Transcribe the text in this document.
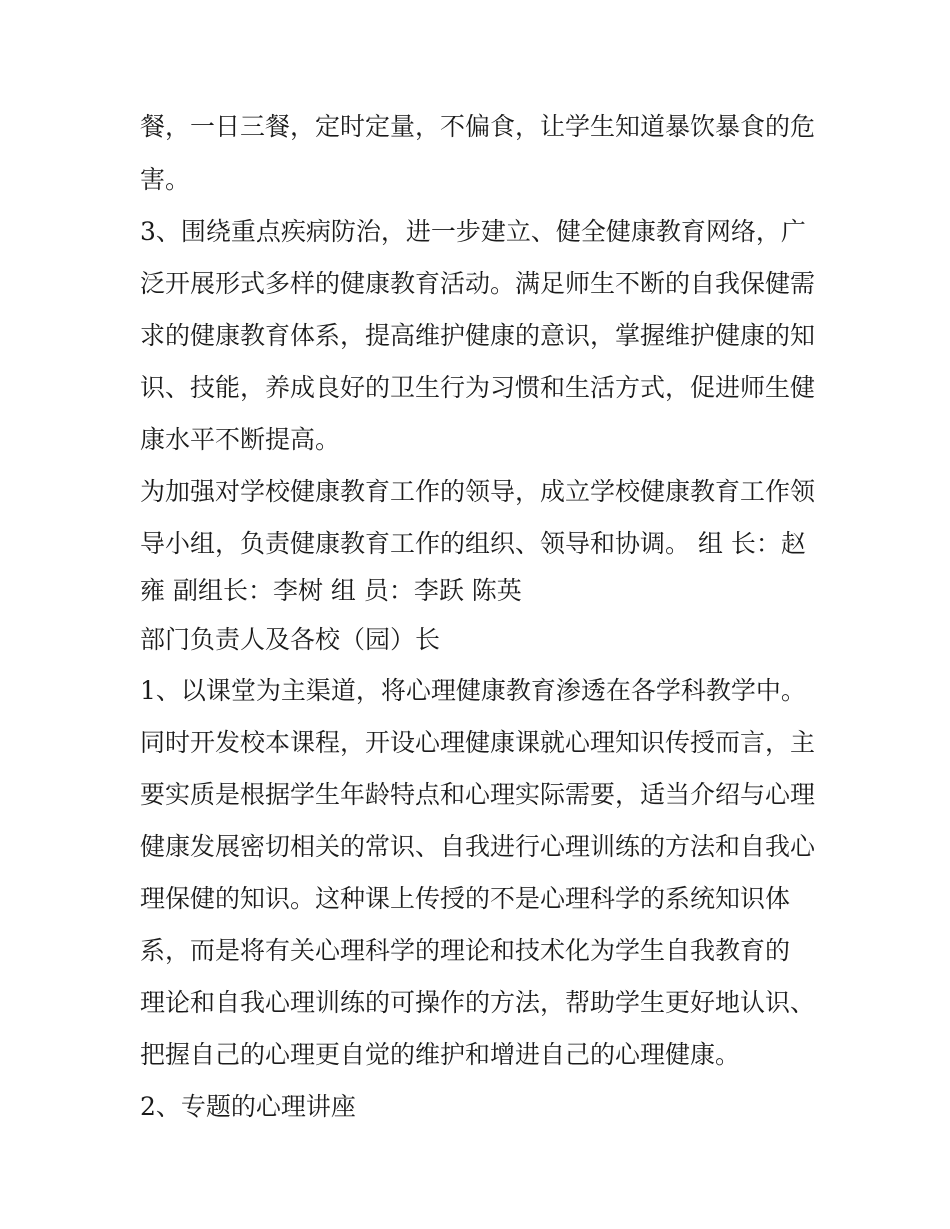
餐，一日三餐，定时定量，不偏食，让学生知道暴饮暴食的危
害。
3、围绕重点疾病防治，进一步建立、健全健康教育网络，广
泛开展形式多样的健康教育活动。满足师生不断的自我保健需
求的健康教育体系，提高维护健康的意识，掌握维护健康的知
识、技能，养成良好的卫生行为习惯和生活方式，促进师生健
康水平不断提高。
为加强对学校健康教育工作的领导，成立学校健康教育工作领
导小组，负责健康教育工作的组织、领导和协调。 组 长：赵
雍 副组长：李树 组 员：李跃 陈英
部门负责人及各校（园）长
1、以课堂为主渠道，将心理健康教育渗透在各学科教学中。
同时开发校本课程，开设心理健康课就心理知识传授而言，主
要实质是根据学生年龄特点和心理实际需要，适当介绍与心理
健康发展密切相关的常识、自我进行心理训练的方法和自我心
理保健的知识。这种课上传授的不是心理科学的系统知识体
系，而是将有关心理科学的理论和技术化为学生自我教育的
理论和自我心理训练的可操作的方法，帮助学生更好地认识、
把握自己的心理更自觉的维护和增进自己的心理健康。
2、专题的心理讲座
